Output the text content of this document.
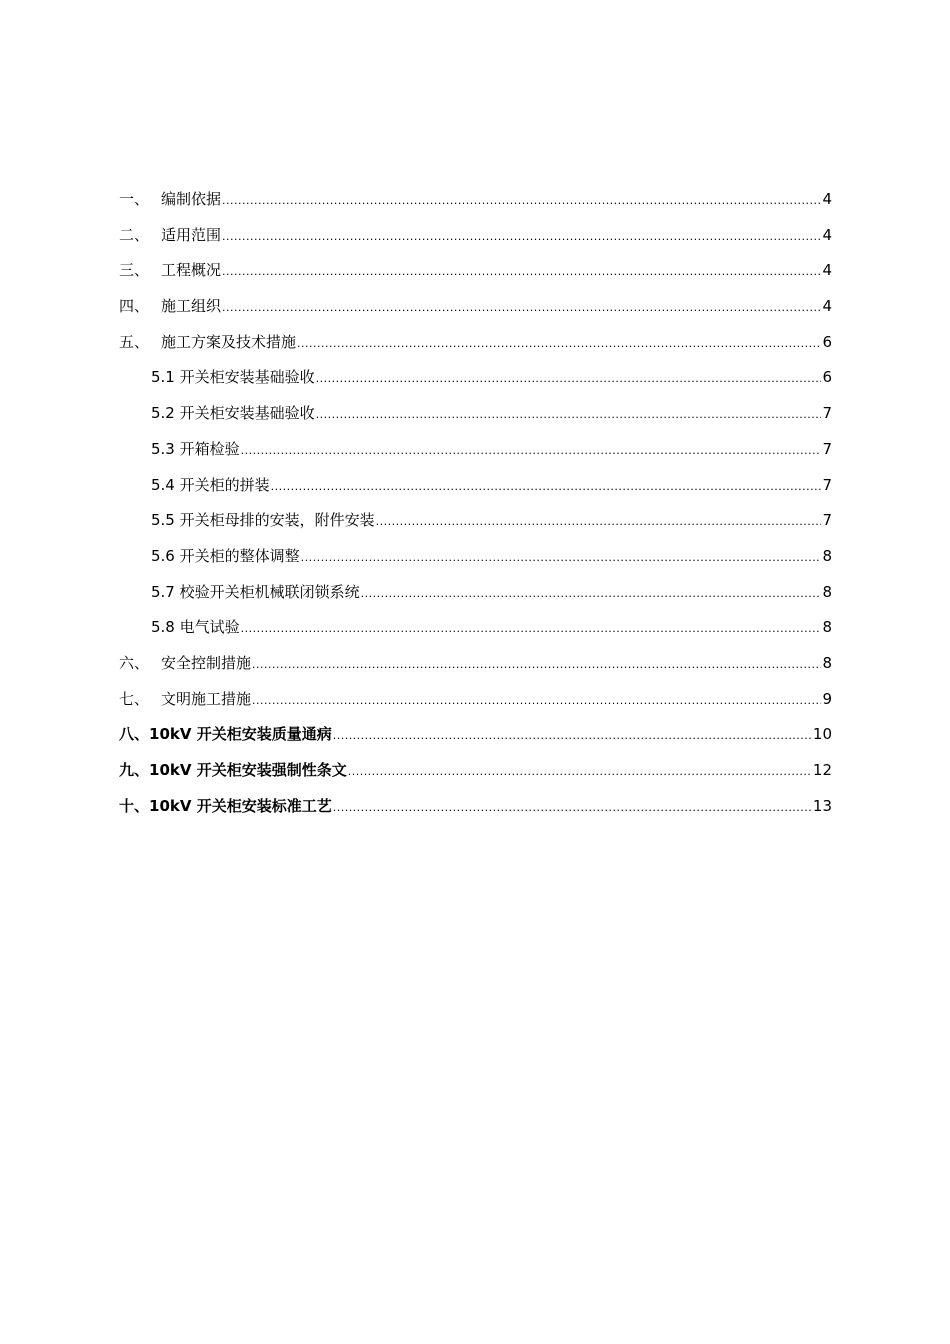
一、 编制依据 .....	4
二、 适用范围 .....	4
三、 工程概况 .....	4
四、 施工组织 .....	4
五、 施工方案及技术措施 .....	6
5.1 开关柜安装基础验收 .....	6
5.2 开关柜安装基础验收 .....	7
5.3 开箱检验 .....	7
5.4 开关柜的拼装 .....	7
5.5 开关柜母排的安装，附件安装 .....	7
5.6 开关柜的整体调整 .....	8
5.7 校验开关柜机械联闭锁系统 .....	8
5.8 电气试验 .....	8
六、 安全控制措施 .....	8
七、 文明施工措施 .....	9
八、 10kV 开关柜安装质量通病 .....	10
九、 10kV 开关柜安装强制性条文 .....	12
十、 10kV 开关柜安装标准工艺 .....	13
